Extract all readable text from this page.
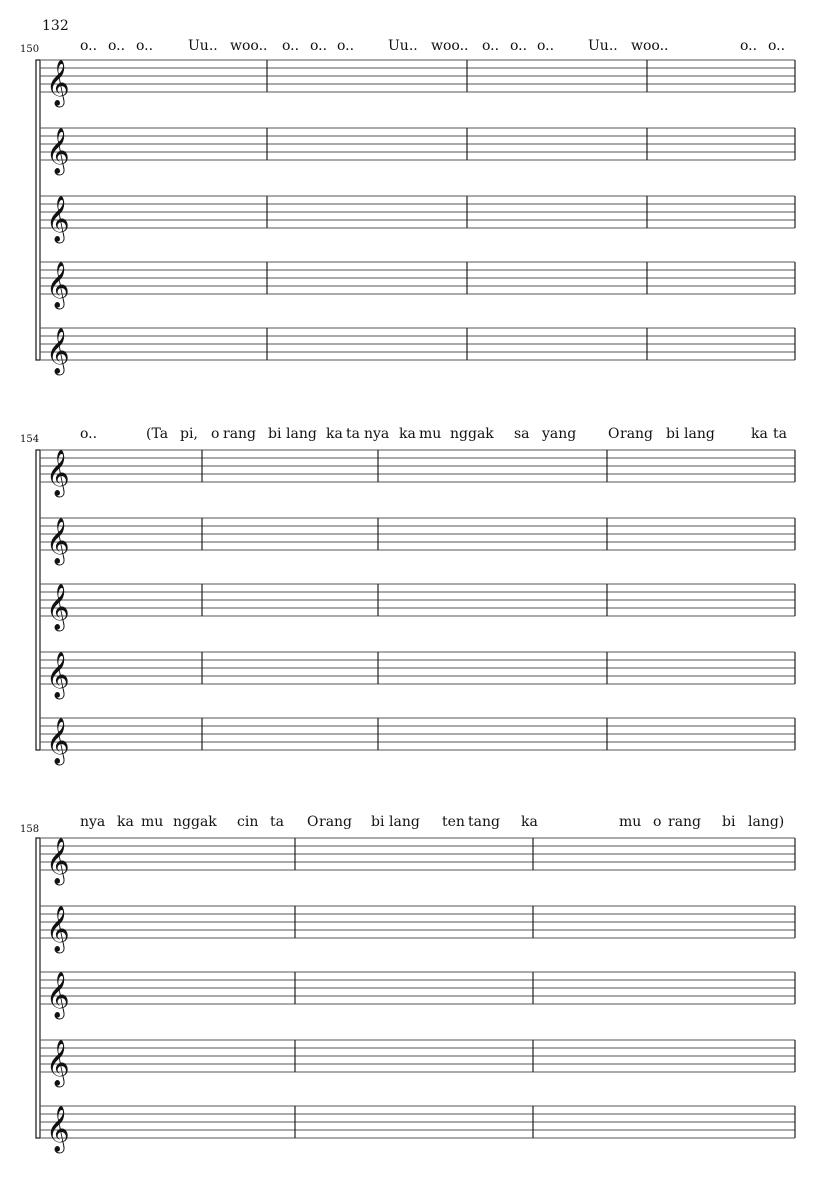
132
150	o.. o.. o.. Uu.. woo.. o.. o.. o.. Uu.. woo.. o.. o.. o.. Uu.. woo..	o.. o..
𝄞
𝄞
𝄞
𝄞
𝄞
154	o..	(Ta pi, o rang bi lang ka ta nya ka mu nggak sa yang O rang bi lang	ka ta
𝄞
𝄞
𝄞
𝄞
𝄞
158	nya ka mu nggak cin ta O rang bi lang ten tang ka	mu o rang bi lang)
𝄞
𝄞
𝄞
𝄞
𝄞
